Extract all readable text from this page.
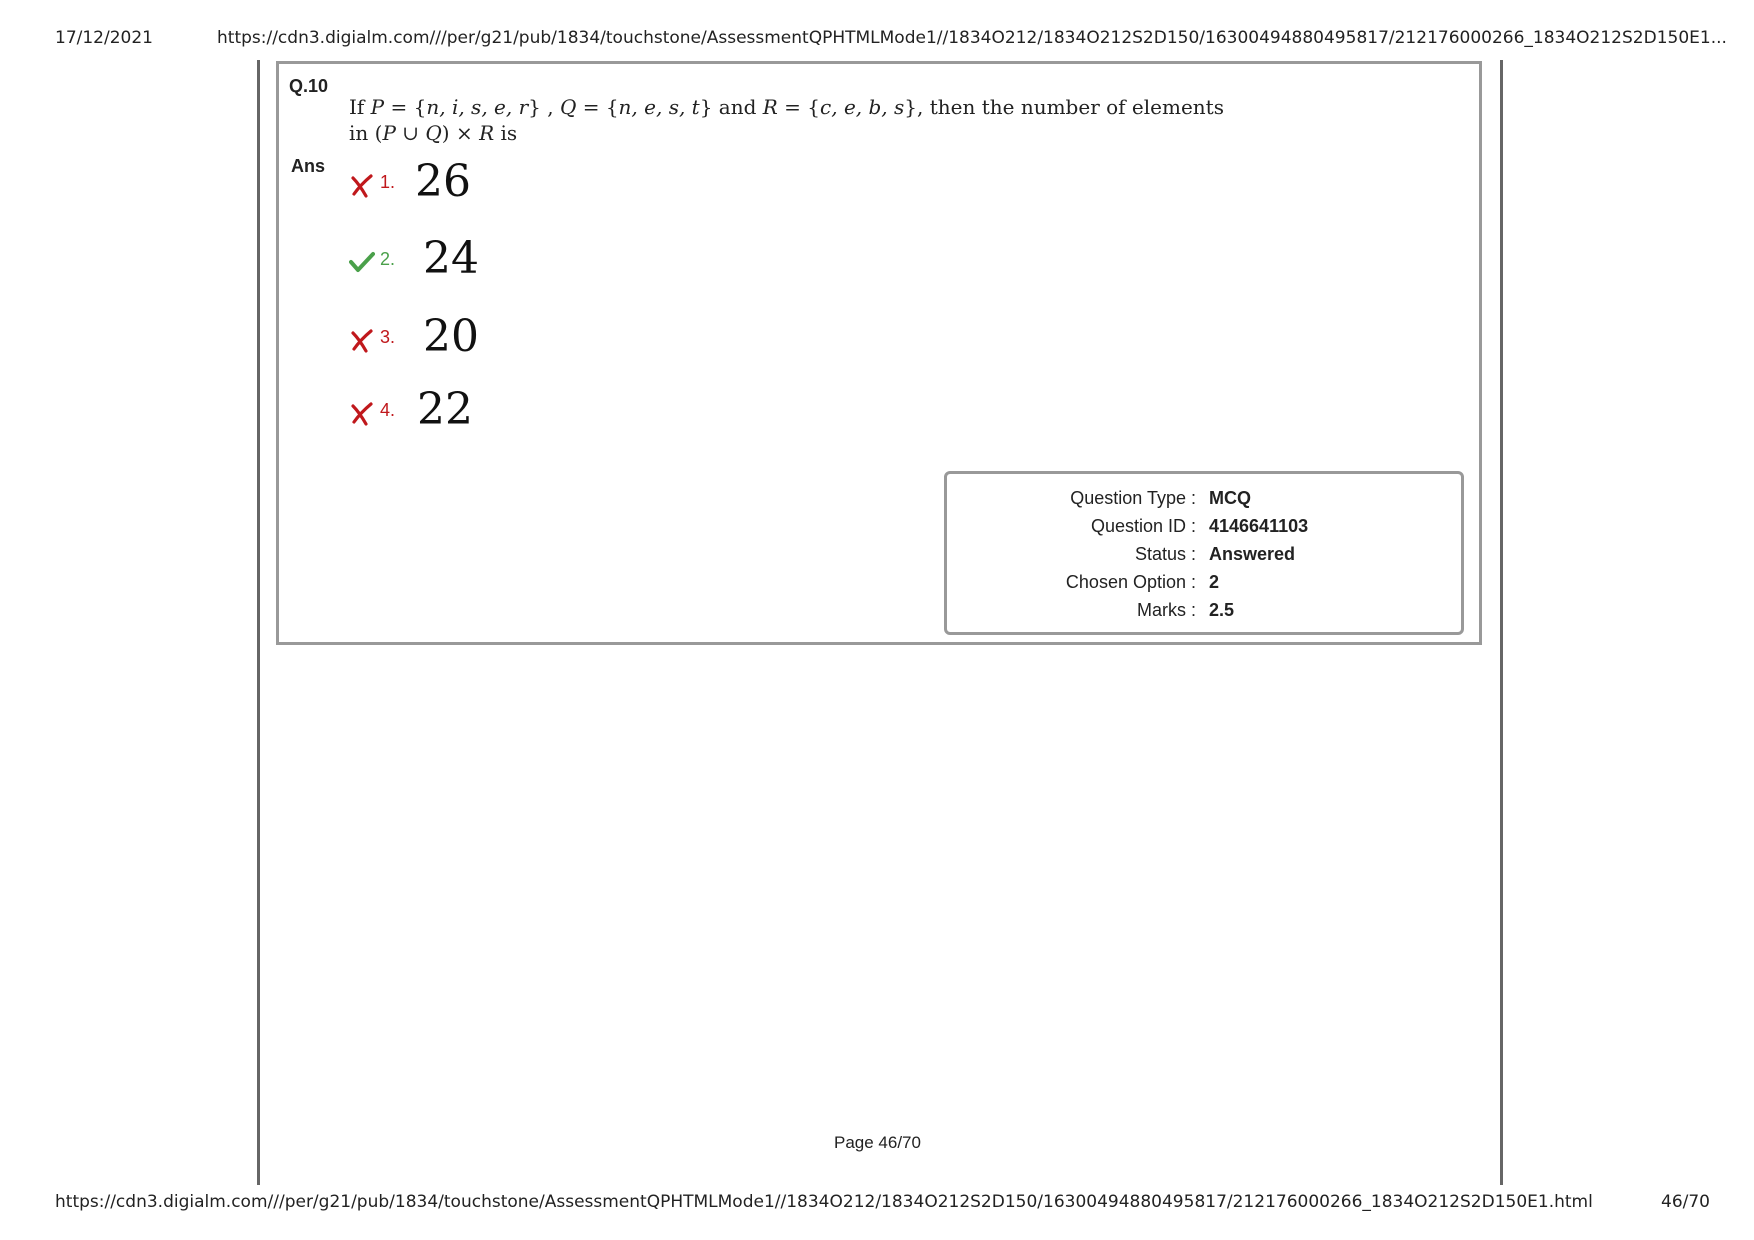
17/12/2021	https://cdn3.digialm.com///per/g21/pub/1834/touchstone/AssessmentQPHTMLMode1//1834O212/1834O212S2D150/16300494880495817/212176000266_1834O212S2D150E1...
Q.10
If P = {n, i, s, e, r} , Q = {n, e, s, t} and R = {c, e, b, s}, then the number of elements
in (P ∪ Q) × R is
Ans
1. 26
2. 24
3. 20
4. 22
Question Type : MCQ
Question ID : 4146641103
Status : Answered
Chosen Option : 2
Marks : 2.5
Page 46/70
https://cdn3.digialm.com///per/g21/pub/1834/touchstone/AssessmentQPHTMLMode1//1834O212/1834O212S2D150/16300494880495817/212176000266_1834O212S2D150E1.html	46/70
